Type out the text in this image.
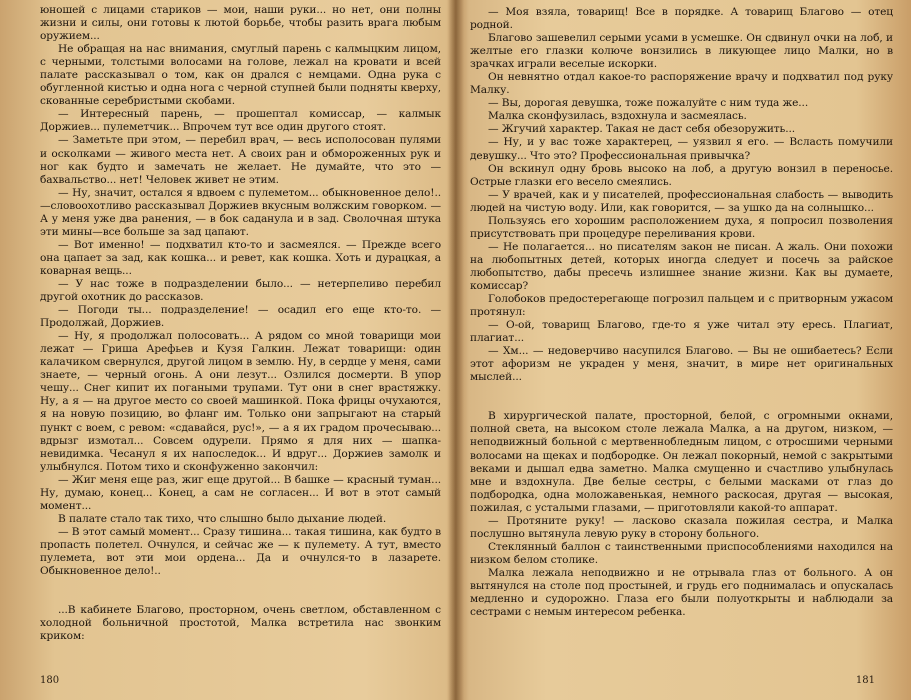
юношей с лицами стариков — мои, наши руки... но нет, они полны жизни и силы, они готовы к лютой борьбе, чтобы разить врага любым оружием...

Не обращая на нас внимания, смуглый парень с калмыцким лицом, с черными, толстыми волосами на голове, лежал на кровати и всей палате рассказывал о том, как он дрался с немцами. Одна рука с обугленной кистью и одна нога с черной ступней были подняты кверху, скованные серебристыми скобами.

— Интересный парень, — прошептал комиссар, — калмык Доржиев... пулеметчик... Впрочем тут все один другого стоят.

— Заметьте при этом, — перебил врач, — весь исполосован пулями и осколками — живого места нет. А своих ран и обмороженных рук и ног как будто и замечать не желает. Не думайте, что это — бахвальство... нет! Человек живет не этим.

— Ну, значит, остался я вдвоем с пулеметом... обыкновенное дело!..—словоохотливо рассказывал Доржиев вкусным волжским говорком. — А у меня уже два ранения, — в бок саданула и в зад. Сволочная штука эти мины—все больше за зад цапают.

— Вот именно! — подхватил кто-то и засмеялся. — Прежде всего она цапает за зад, как кошка... и ревет, как кошка. Хоть и дурацкая, а коварная вещь...

— У нас тоже в подразделении было... — нетерпеливо перебил другой охотник до рассказов.

— Погоди ты... подразделение! — осадил его еще кто-то. — Продолжай, Доржиев.

— Ну, я продолжал полосовать... А рядом со мной товарищи мои лежат — Гриша Арефьев и Кузя Галкин. Лежат товарищи: один калачиком свернулся, другой лицом в землю. Ну, в сердце у меня, сами знаете, — черный огонь. А они лезут... Озлился досмерти. В упор чешу... Снег кипит их погаными трупами. Тут они в снег врастяжку. Ну, а я — на другое место со своей машинкой. Пока фрицы очухаются, я на новую позицию, во фланг им. Только они запрыгают на старый пункт с воем, с ревом: «сдавайся, рус!», — а я их градом прочесываю... вдрызг измотал... Совсем одурели. Прямо я для них — шапка-невидимка. Чесанул я их напоследок... И вдруг... Доржиев замолк и улыбнулся. Потом тихо и сконфуженно закончил:

— Жиг меня еще раз, жиг еще другой... В башке — красный туман... Ну, думаю, конец... Конец, а сам не согласен... И вот в этот самый момент...

В палате стало так тихо, что слышно было дыхание людей.

— В этот самый момент... Сразу тишина... такая тишина, как будто в пропасть полетел. Очнулся, и сейчас же — к пулемету. А тут, вместо пулемета, вот эти мои ордена... Да и очнулся-то в лазарете. Обыкновенное дело!..

...В кабинете Благово, просторном, очень светлом, обставленном с холодной больничной простотой, Малка встретила нас звонким криком:

180

— Моя взяла, товарищ! Все в порядке. А товарищ Благово — отец родной.

Благово зашевелил серыми усами в усмешке. Он сдвинул очки на лоб, и желтые его глазки колюче вонзились в ликующее лицо Малки, но в зрачках играли веселые искорки.

Он невнятно отдал какое-то распоряжение врачу и подхватил под руку Малку.

— Вы, дорогая девушка, тоже пожалуйте с ним туда же...

Малка сконфузилась, вздохнула и засмеялась.

— Жгучий характер. Такая не даст себя обезоружить...

— Ну, и у вас тоже характерец, — уязвил я его. — Вслаcть помучили девушку... Что это? Профессиональная привычка?

Он вскинул одну бровь высоко на лоб, а другую вонзил в переносье. Острые глазки его весело смеялись.

— У врачей, как и у писателей, профессиональная слабость — выводить людей на чистую воду. Или, как говорится, — за ушко да на солнышко...

Пользуясь его хорошим расположением духа, я попросил позволения присутствовать при процедуре переливания крови.

— Не полагается... но писателям закон не писан. А жаль. Они похожи на любопытных детей, которых иногда следует и посечь за райское любопытство, дабы пресечь излишнее знание жизни. Как вы думаете, комиссар?

Голобоков предостерегающе погрозил пальцем и с притворным ужасом протянул:

— О-ой, товарищ Благово, где-то я уже читал эту ересь. Плагиат, плагиат...

— Хм... — недоверчиво насупился Благово. — Вы не ошибаетесь? Если этот афоризм не украден у меня, значит, в мире нет оригинальных мыслей...

В хирургической палате, просторной, белой, с огромными окнами, полной света, на высоком столе лежала Малка, а на другом, низком, — неподвижный больной с мертвеннобледным лицом, с отросшими черными волосами на щеках и подбородке. Он лежал покорный, немой с закрытыми веками и дышал едва заметно. Малка смущенно и счастливо улыбнулась мне и вздохнула. Две белые сестры, с белыми масками от глаз до подбородка, одна моложавенькая, немного раскосая, другая — высокая, пожилая, с усталыми глазами, — приготовляли какой-то аппарат.

— Протяните руку! — ласково сказала пожилая сестра, и Малка послушно вытянула левую руку в сторону больного.

Стеклянный баллон с таинственными приспособлениями находился на низком белом столике.

Малка лежала неподвижно и не отрывала глаз от больного. А он вытянулся на столе под простыней, и грудь его поднималась и опускалась медленно и судорожно. Глаза его были полуоткрыты и наблюдали за сестрами с немым интересом ребенка.

181
